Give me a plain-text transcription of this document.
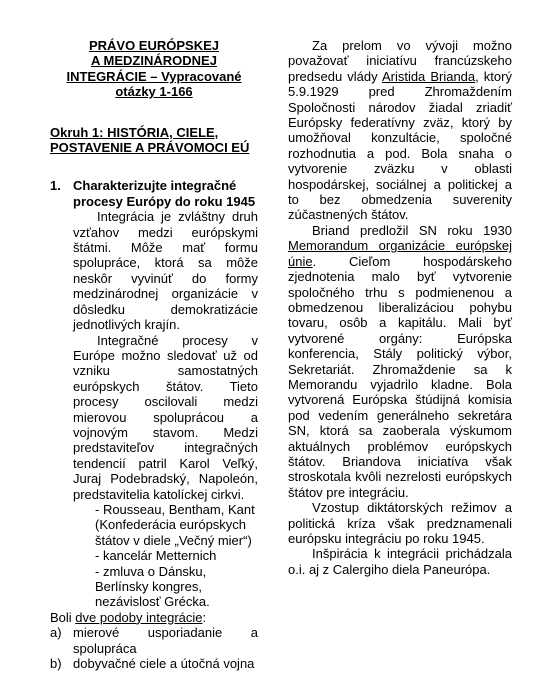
PRÁVO EURÓPSKEJ
A MEDZINÁRODNEJ
INTEGRÁCIE – Vypracované
otázky 1-166
Okruh 1: HISTÓRIA, CIELE, POSTAVENIE A PRÁVOMOCI EÚ
1. Charakterizujte integračné procesy Európy do roku 1945

Integrácia je zvláštny druh vzťahov medzi európskymi štátmi. Môže mať formu spolupráce, ktorá sa môže neskôr vyvinúť do formy medzinárodnej organizácie v dôsledku demokratizácie jednotlivých krajín.

Integračné procesy v Európe možno sledovať už od vzniku samostatných európskych štátov. Tieto procesy oscilovali medzi mierovou spoluprácou a vojnovým stavom. Medzi predstaviteľov integračných tendencií patril Karol Veľký, Juraj Podebradský, Napoleón, predstavitelia katolíckej cirkvi.

- Rousseau, Bentham, Kant (Konfederácia európskych štátov v diele „Večný mier“)
- kancelár Metternich
- zmluva o Dánsku, Berlínsky kongres, nezávislosť Grécka.
Boli dve podoby integrácie:
a) mierové usporiadanie a spolupráca
b) dobyvačné ciele a útočná vojna

Za prelom vo vývoji možno považovať iniciatívu francúzskeho predsedu vlády Aristida Brianda, ktorý 5.9.1929 pred Zhromaždením Spoločnosti národov žiadal zriadiť Európsky federatívny zväz, ktorý by umožňoval konzultácie, spoločné rozhodnutia a pod. Bola snaha o vytvorenie zväzku v oblasti hospodárskej, sociálnej a politickej a to bez obmedzenia suverenity zúčastnených štátov.

Briand predložil SN roku 1930 Memorandum organizácie európskej únie. Cieľom hospodárskeho zjednotenia malo byť vytvorenie spoločného trhu s podmienenou a obmedzenou liberalizáciou pohybu tovaru, osôb a kapitálu. Mali byť vytvorené orgány: Európska konferencia, Stály politický výbor, Sekretariát. Zhromaždenie sa k Memorandu vyjadrilo kladne. Bola vytvorená Európska štúdijná komisia pod vedením generálneho sekretára SN, ktorá sa zaoberala výskumom aktuálnych problémov európskych štátov. Briandova iniciatíva však stroskotala kvôli nezrelosti európskych štátov pre integráciu.

Vzostup diktátorských režimov a politická kríza však predznamenali európsku integráciu po roku 1945.

Inšpirácia k integrácii prichádzala o.i. aj z Calergiho diela Paneurópa.
